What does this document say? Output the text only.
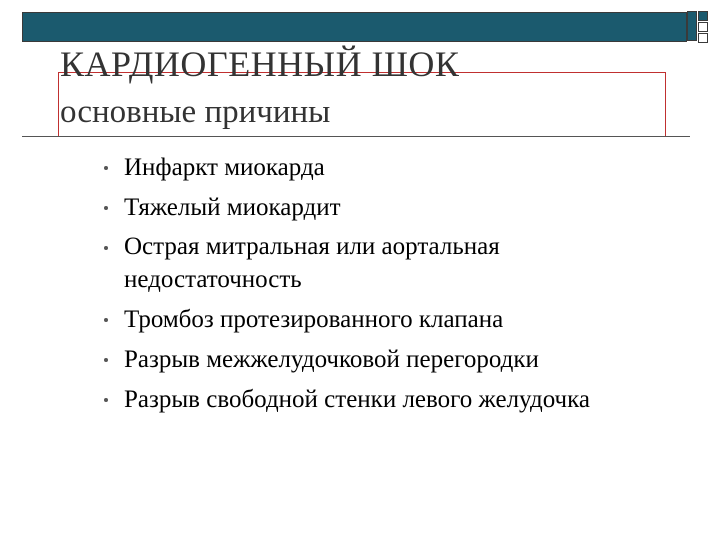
КАРДИОГЕННЫЙ ШОК
основные причины
Инфаркт миокарда
Тяжелый миокардит
Острая митральная или аортальная недостаточность
Тромбоз протезированного клапана
Разрыв межжелудочковой перегородки
Разрыв свободной стенки левого желудочка
